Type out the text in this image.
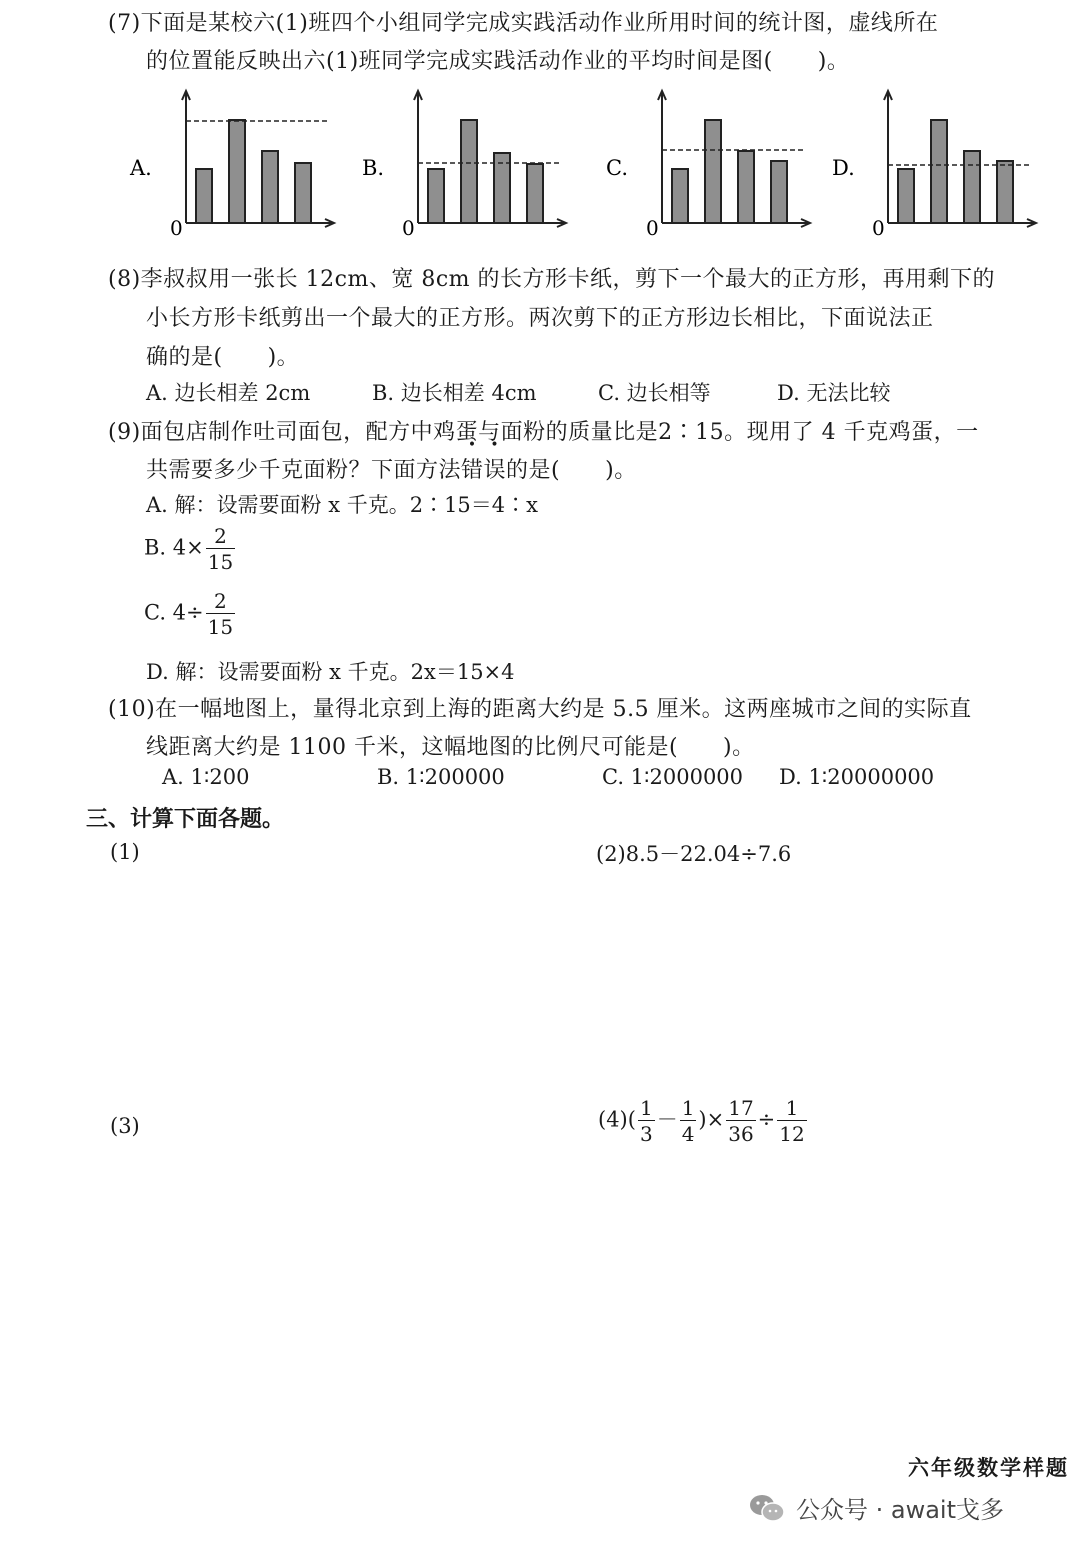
(7)下面是某校六(1)班四个小组同学完成实践活动作业所用时间的统计图，虚线所在
的位置能反映出六(1)班同学完成实践活动作业的平均时间是图(　　)。
A.
0
B.
0
C.
0
D.
0
(8)李叔叔用一张长 12cm、宽 8cm 的长方形卡纸，剪下一个最大的正方形，再用剩下的
小长方形卡纸剪出一个最大的正方形。两次剪下的正方形边长相比，下面说法正
确的是(　　)。
A. 边长相差 2cm	B. 边长相差 4cm	C. 边长相等	D. 无法比较
(9)面包店制作吐司面包，配方中鸡蛋与面粉的质量比是2∶15。现用了 4 千克鸡蛋，一
共需要多少千克面粉？下面方法错误的是(　　)。
A. 解：设需要面粉 x 千克。2∶15＝4∶x
B. $4\times \frac{2}{15}$
C. $4\div \frac{2}{15}$
D. 解：设需要面粉 x 千克。2x＝15×4
(10)在一幅地图上，量得北京到上海的距离大约是 5.5 厘米。这两座城市之间的实际直
线距离大约是 1100 千米，这幅地图的比例尺可能是(　　)。
A. 1∶200	B. 1∶200000	C. 1∶2000000 D. 1∶20000000
三、计算下面各题。
(1)	(2)8.5－22.04÷7.6
(3)	$(4)( \frac{1}{3} - \frac{1}{4}$ )× $\frac{17}{36} \div \frac{1}{12}$
六年级数学样题
公众号 · await戈多
